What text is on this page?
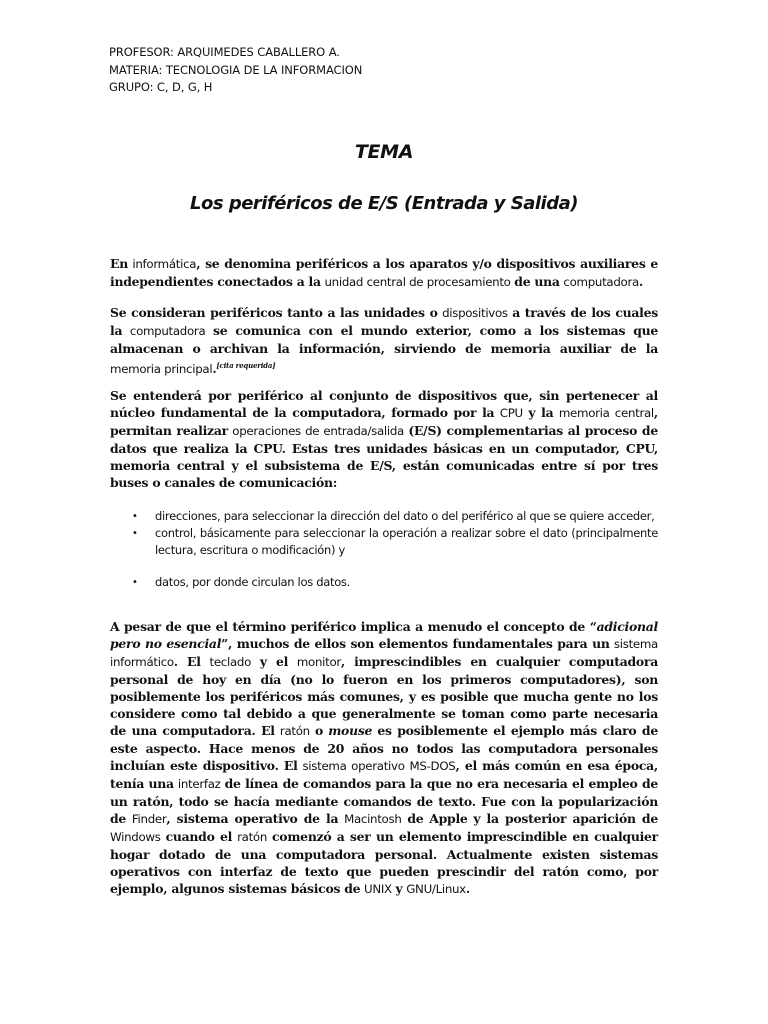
PROFESOR: ARQUIMEDES CABALLERO A.
MATERIA: TECNOLOGIA DE LA INFORMACION
GRUPO: C, D, G, H
TEMA
Los periféricos de E/S (Entrada y Salida)

En informática, se denomina periféricos a los aparatos y/o dispositivos auxiliares e independientes conectados a la unidad central de procesamiento de una computadora.

Se consideran periféricos tanto a las unidades o dispositivos a través de los cuales la computadora se comunica con el mundo exterior, como a los sistemas que almacenan o archivan la información, sirviendo de memoria auxiliar de la memoria principal.[cita requerida]

Se entenderá por periférico al conjunto de dispositivos que, sin pertenecer al núcleo fundamental de la computadora, formado por la CPU y la memoria central, permitan realizar operaciones de entrada/salida (E/S) complementarias al proceso de datos que realiza la CPU. Estas tres unidades básicas en un computador, CPU, memoria central y el subsistema de E/S, están comunicadas entre sí por tres buses o canales de comunicación:

• direcciones, para seleccionar la dirección del dato o del periférico al que se quiere acceder,
• control, básicamente para seleccionar la operación a realizar sobre el dato (principalmente lectura, escritura o modificación) y
• datos, por donde circulan los datos.

A pesar de que el término periférico implica a menudo el concepto de “adicional pero no esencial”, muchos de ellos son elementos fundamentales para un sistema informático. El teclado y el monitor, imprescindibles en cualquier computadora personal de hoy en día (no lo fueron en los primeros computadores), son posiblemente los periféricos más comunes, y es posible que mucha gente no los considere como tal debido a que generalmente se toman como parte necesaria de una computadora. El ratón o mouse es posiblemente el ejemplo más claro de este aspecto. Hace menos de 20 años no todos las computadora personales incluían este dispositivo. El sistema operativo MS-DOS, el más común en esa época, tenía una interfaz de línea de comandos para la que no era necesaria el empleo de un ratón, todo se hacía mediante comandos de texto. Fue con la popularización de Finder, sistema operativo de la Macintosh de Apple y la posterior aparición de Windows cuando el ratón comenzó a ser un elemento imprescindible en cualquier hogar dotado de una computadora personal. Actualmente existen sistemas operativos con interfaz de texto que pueden prescindir del ratón como, por ejemplo, algunos sistemas básicos de UNIX y GNU/Linux.
